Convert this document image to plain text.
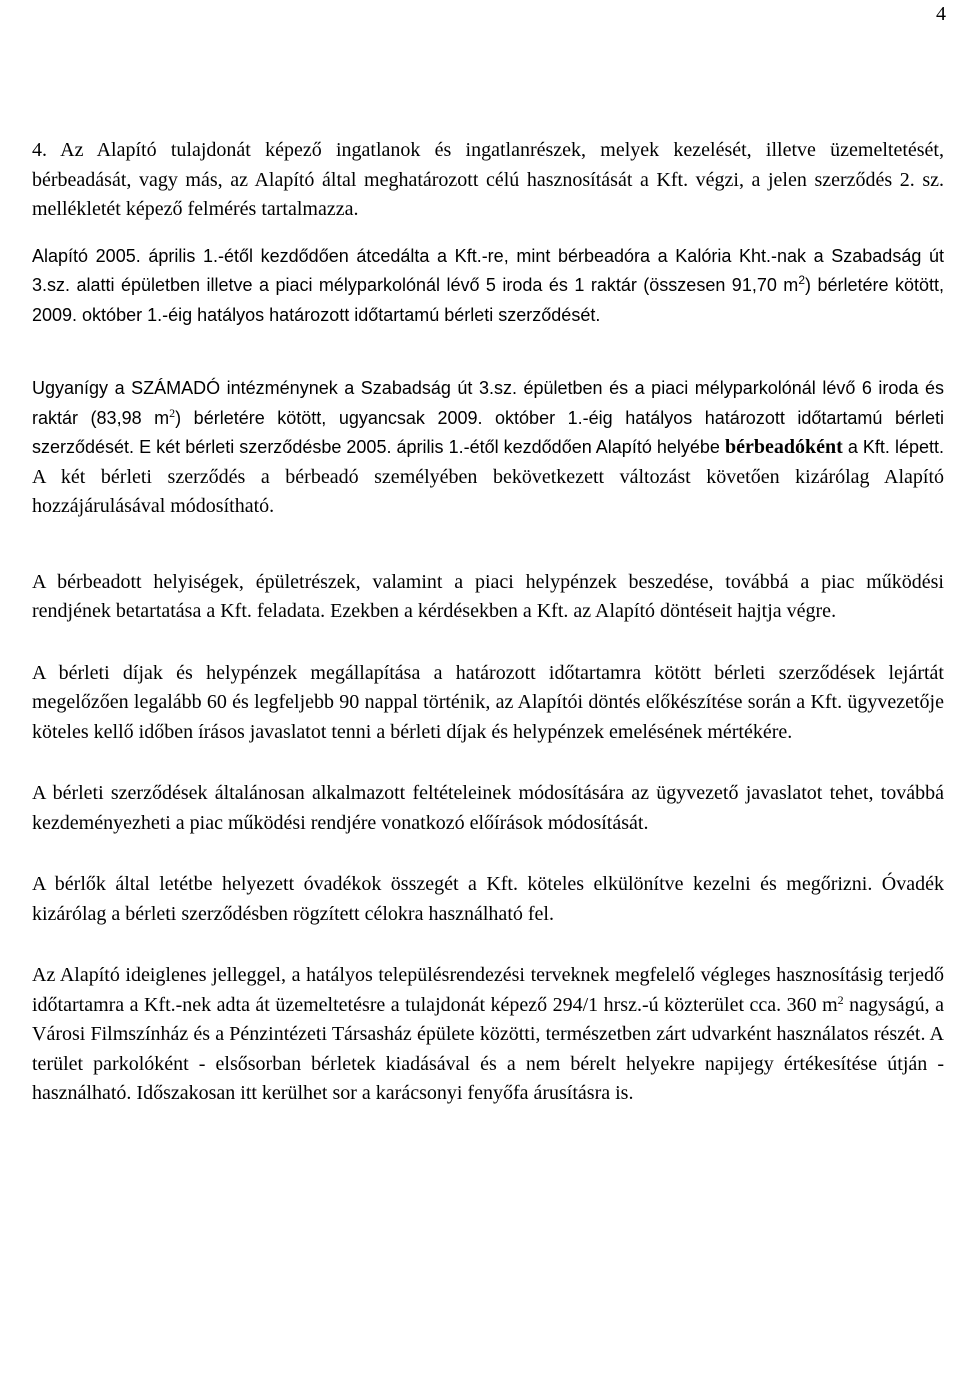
4

4. Az Alapító tulajdonát képező ingatlanok és ingatlanrészek, melyek kezelését, illetve üzemeltetését, bérbeadását, vagy más, az Alapító által meghatározott célú hasznosítását a Kft. végzi, a jelen szerződés 2. sz. mellékletét képező felmérés tartalmazza.

Alapító 2005. április 1.-étől kezdődően átcedálta a Kft.-re, mint bérbeadóra a Kalória Kht.-nak a Szabadság út 3.sz. alatti épületben illetve a piaci mélyparkolónál lévő 5 iroda és 1 raktár (összesen 91,70 $m^2$) bérletére kötött, 2009. október 1.-éig hatályos határozott időtartamú bérleti szerződését.

Ugyanígy a SZÁMADÓ intézménynek a Szabadság út 3.sz. épületben és a piaci mélyparkolónál lévő 6 iroda és raktár (83,98 $m^2$) bérletére kötött, ugyancsak 2009. október 1.-éig hatályos határozott időtartamú bérleti szerződését. E két bérleti szerződésbe 2005. április 1.-étől kezdődően Alapító helyébe bérbeadóként a Kft. lépett. A két bérleti szerződés a bérbeadó személyében bekövetkezett változást követően kizárólag Alapító hozzájárulásával módosítható.

A bérbeadott helyiségek, épületrészek, valamint a piaci helypénzek beszedése, továbbá a piac működési rendjének betartatása a Kft. feladata. Ezekben a kérdésekben a Kft. az Alapító döntéseit hajtja végre.

A bérleti díjak és helypénzek megállapítása a határozott időtartamra kötött bérleti szerződések lejártát megelőzően legalább 60 és legfeljebb 90 nappal történik, az Alapítói döntés előkészítése során a Kft. ügyvezetője köteles kellő időben írásos javaslatot tenni a bérleti díjak és helypénzek emelésének mértékére.

A bérleti szerződések általánosan alkalmazott feltételeinek módosítására az ügyvezető javaslatot tehet, továbbá kezdeményezheti a piac működési rendjére vonatkozó előírások módosítását.

A bérlők által letétbe helyezett óvadékok összegét a Kft. köteles elkülönítve kezelni és megőrizni. Óvadék kizárólag a bérleti szerződésben rögzített célokra használható fel.

Az Alapító ideiglenes jelleggel, a hatályos településrendezési terveknek megfelelő végleges hasznosításig terjedő időtartamra a Kft.-nek adta át üzemeltetésre a tulajdonát képező 294/1 hrsz.-ú közterület cca. 360 $m^2$ nagyságú, a Városi Filmszínház és a Pénzintézeti Társasház épülete közötti, természetben zárt udvarként használatos részét. A terület parkolóként - elsősorban bérletek kiadásával és a nem bérelt helyekre napijegy értékesítése útján - használható. Időszakosan itt kerülhet sor a karácsonyi fenyőfa árusításra is.
